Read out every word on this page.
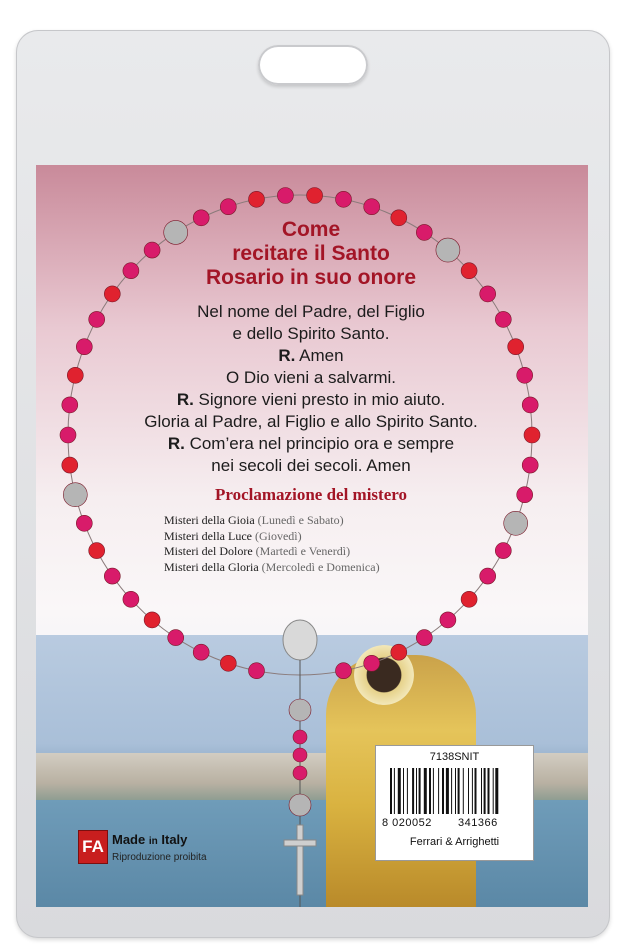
Come
recitare il Santo
Rosario in suo onore
Nel nome del Padre, del Figlio
e dello Spirito Santo.
R. Amen
O Dio vieni a salvarmi.
R. Signore vieni presto in mio aiuto.
Gloria al Padre, al Figlio e allo Spirito Santo.
R. Com’era nel principio ora e sempre
nei secoli dei secoli. Amen
Proclamazione del mistero
Misteri della Gioia (Lunedì e Sabato)
Misteri della Luce (Giovedì)
Misteri del Dolore (Martedì e Venerdì)
Misteri della Gloria (Mercoledì e Domenica)
7138SNIT
8 020052 341366
Ferrari & Arrighetti
FA Made in Italy
Riproduzione proibita
